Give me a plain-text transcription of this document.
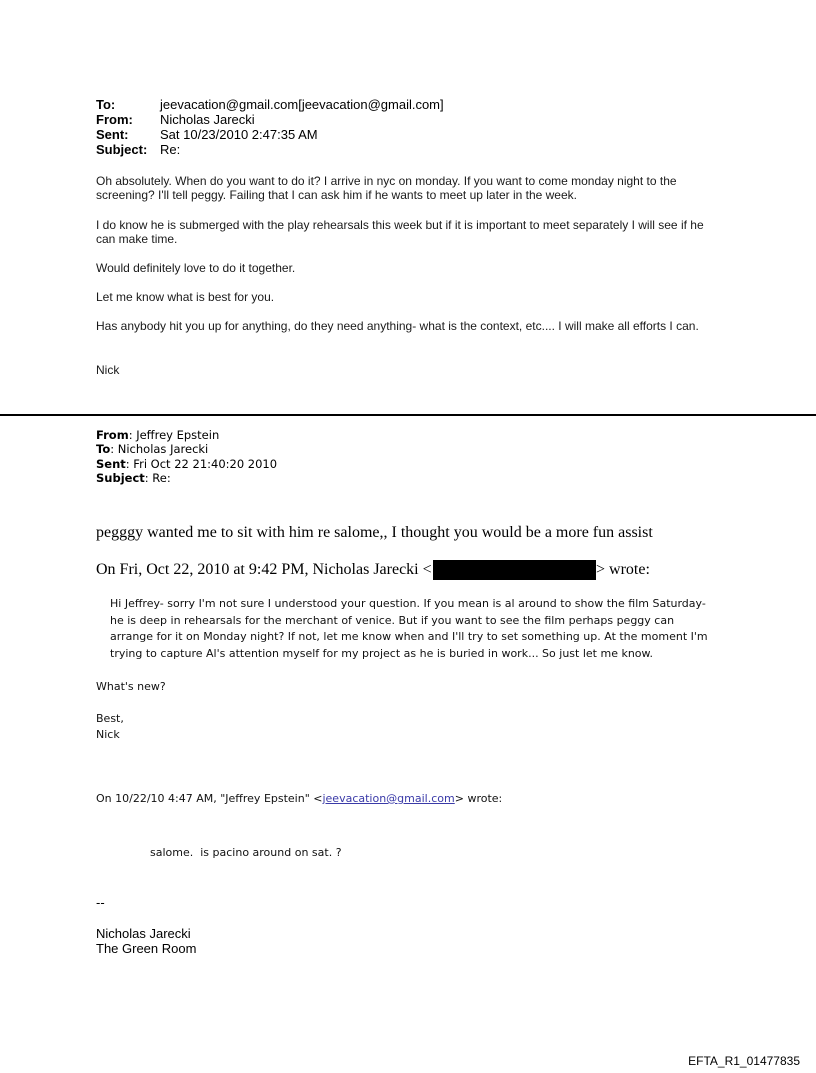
To:	jeevacation@gmail.com[jeevacation@gmail.com]
From: Nicholas Jarecki
Sent: Sat 10/23/2010 2:47:35 AM
Subject: Re:
Oh absolutely. When do you want to do it? I arrive in nyc on monday. If you want to come monday night to the screening? I'll tell peggy. Failing that I can ask him if he wants to meet up later in the week.
I do know he is submerged with the play rehearsals this week but if it is important to meet separately I will see if he can make time.
Would definitely love to do it together.
Let me know what is best for you.
Has anybody hit you up for anything, do they need anything- what is the context, etc.... I will make all efforts I can.
Nick
From: Jeffrey Epstein
To: Nicholas Jarecki
Sent: Fri Oct 22 21:40:20 2010
Subject: Re:
pegggy wanted me to sit with him re salome,, I thought you would be a more fun assist
On Fri, Oct 22, 2010 at 9:42 PM, Nicholas Jarecki <	> wrote:
Hi Jeffrey- sorry I'm not sure I understood your question. If you mean is al around to show the film Saturday- he is deep in rehearsals for the merchant of venice. But if you want to see the film perhaps peggy can arrange for it on Monday night? If not, let me know when and I'll try to set something up. At the moment I'm trying to capture Al's attention myself for my project as he is buried in work... So just let me know.
What's new?
Best,
Nick
On 10/22/10 4:47 AM, "Jeffrey Epstein" <jeevacation@gmail.com> wrote:
salome.  is pacino around on sat. ?
--
Nicholas Jarecki
The Green Room
EFTA_R1_01477835
